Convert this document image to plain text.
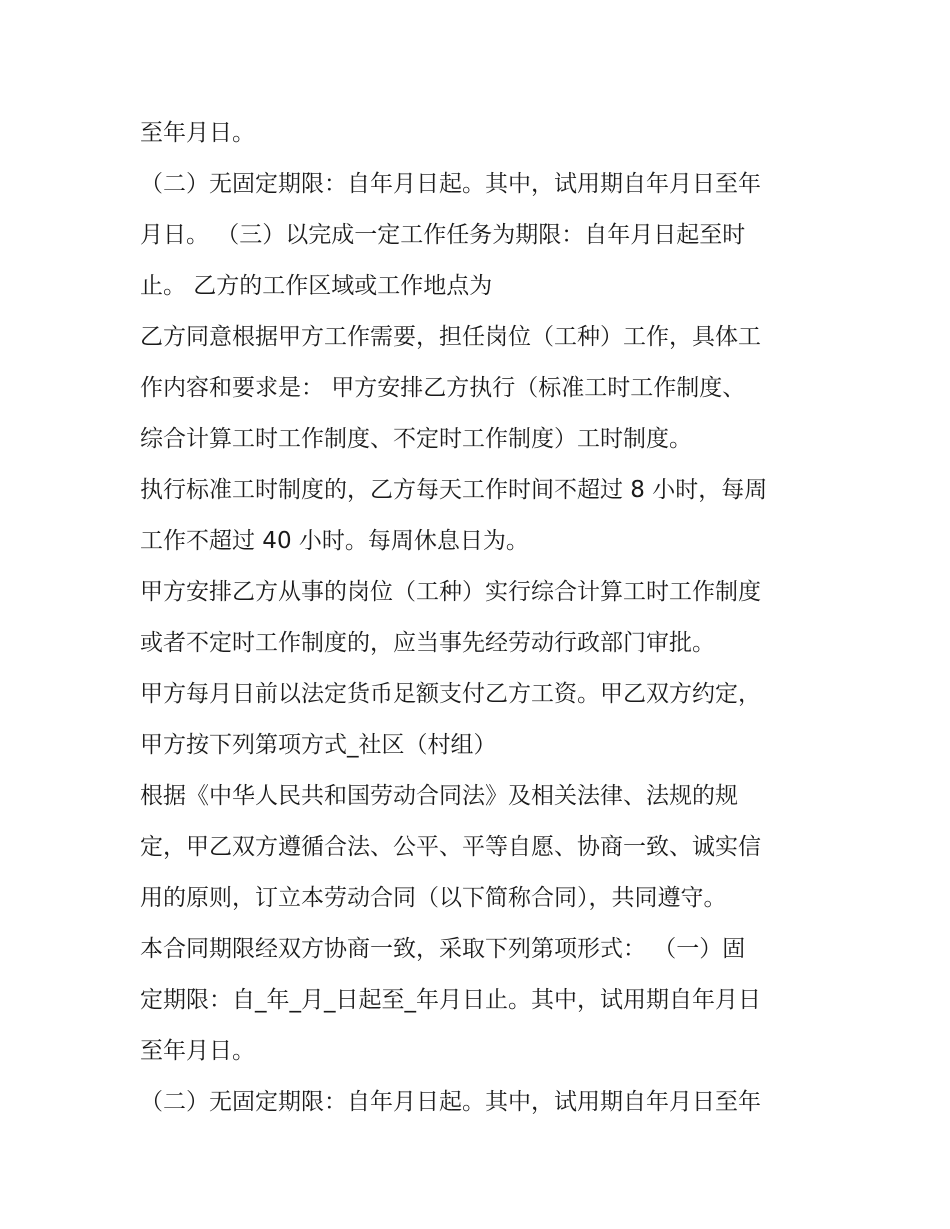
至年月日。
（二）无固定期限：自年月日起。其中，试用期自年月日至年
月日。 （三）以完成一定工作任务为期限：自年月日起至时
止。 乙方的工作区域或工作地点为
乙方同意根据甲方工作需要，担任岗位（工种）工作，具体工
作内容和要求是： 甲方安排乙方执行（标准工时工作制度、
综合计算工时工作制度、不定时工作制度）工时制度。
执行标准工时制度的，乙方每天工作时间不超过 8 小时，每周
工作不超过 40 小时。每周休息日为。
甲方安排乙方从事的岗位（工种）实行综合计算工时工作制度
或者不定时工作制度的，应当事先经劳动行政部门审批。
甲方每月日前以法定货币足额支付乙方工资。甲乙双方约定，
甲方按下列第项方式_社区（村组）
根据《中华人民共和国劳动合同法》及相关法律、法规的规
定，甲乙双方遵循合法、公平、平等自愿、协商一致、诚实信
用的原则，订立本劳动合同（以下简称合同），共同遵守。
本合同期限经双方协商一致，采取下列第项形式： （一）固
定期限：自_年_月_日起至_年月日止。其中，试用期自年月日
至年月日。
（二）无固定期限：自年月日起。其中，试用期自年月日至年
